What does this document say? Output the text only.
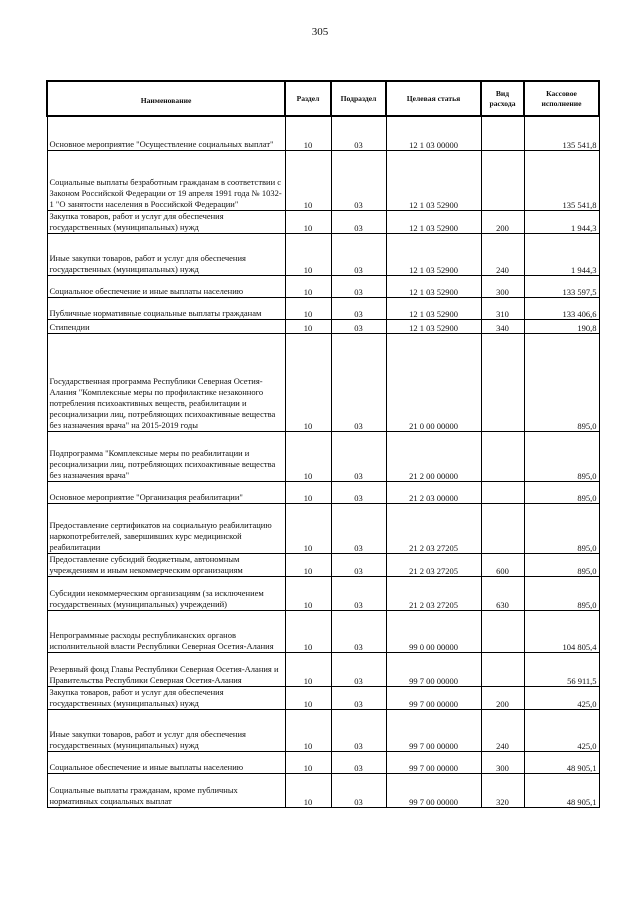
305
Наименование	Раздел	Подраздел	Целевая статья	Вид расхода	Кассовое исполнение
Основное мероприятие "Осуществление социальных выплат"	10	03	12 1 03 00000		135 541,8
Социальные выплаты безработным гражданам в соответствии с Законом Российской Федерации от 19 апреля 1991 года № 1032-1 "О занятости населения в Российской Федерации"	10	03	12 1 03 52900		135 541,8
Закупка товаров, работ и услуг для обеспечения государственных (муниципальных) нужд	10	03	12 1 03 52900	200	1 944,3
Иные закупки товаров, работ и услуг для обеспечения государственных (муниципальных) нужд	10	03	12 1 03 52900	240	1 944,3
Социальное обеспечение и иные выплаты населению	10	03	12 1 03 52900	300	133 597,5
Публичные нормативные социальные выплаты гражданам	10	03	12 1 03 52900	310	133 406,6
Стипендии	10	03	12 1 03 52900	340	190,8
Государственная программа Республики Северная Осетия-Алания "Комплексные меры по профилактике незаконного потребления психоактивных веществ, реабилитации и ресоциализации лиц, потребляющих психоактивные вещества без назначения врача" на 2015-2019 годы	10	03	21 0 00 00000		895,0
Подпрограмма "Комплексные меры по реабилитации и ресоциализации лиц, потребляющих психоактивные вещества без назначения врача"	10	03	21 2 00 00000		895,0
Основное мероприятие "Организация реабилитации"	10	03	21 2 03 00000		895,0
Предоставление сертификатов на социальную реабилитацию наркопотребителей, завершивших курс медицинской реабилитации	10	03	21 2 03 27205		895,0
Предоставление субсидий бюджетным, автономным учреждениям и иным некоммерческим организациям	10	03	21 2 03 27205	600	895,0
Субсидии некоммерческим организациям (за исключением государственных (муниципальных) учреждений)	10	03	21 2 03 27205	630	895,0
Непрограммные расходы республиканских органов исполнительной власти Республики Северная Осетия-Алания	10	03	99 0 00 00000		104 805,4
Резервный фонд Главы Республики Северная Осетия-Алания и Правительства Республики Северная Осетия-Алания	10	03	99 7 00 00000		56 911,5
Закупка товаров, работ и услуг для обеспечения государственных (муниципальных) нужд	10	03	99 7 00 00000	200	425,0
Иные закупки товаров, работ и услуг для обеспечения государственных (муниципальных) нужд	10	03	99 7 00 00000	240	425,0
Социальное обеспечение и иные выплаты населению	10	03	99 7 00 00000	300	48 905,1
Социальные выплаты гражданам, кроме публичных нормативных социальных выплат	10	03	99 7 00 00000	320	48 905,1
